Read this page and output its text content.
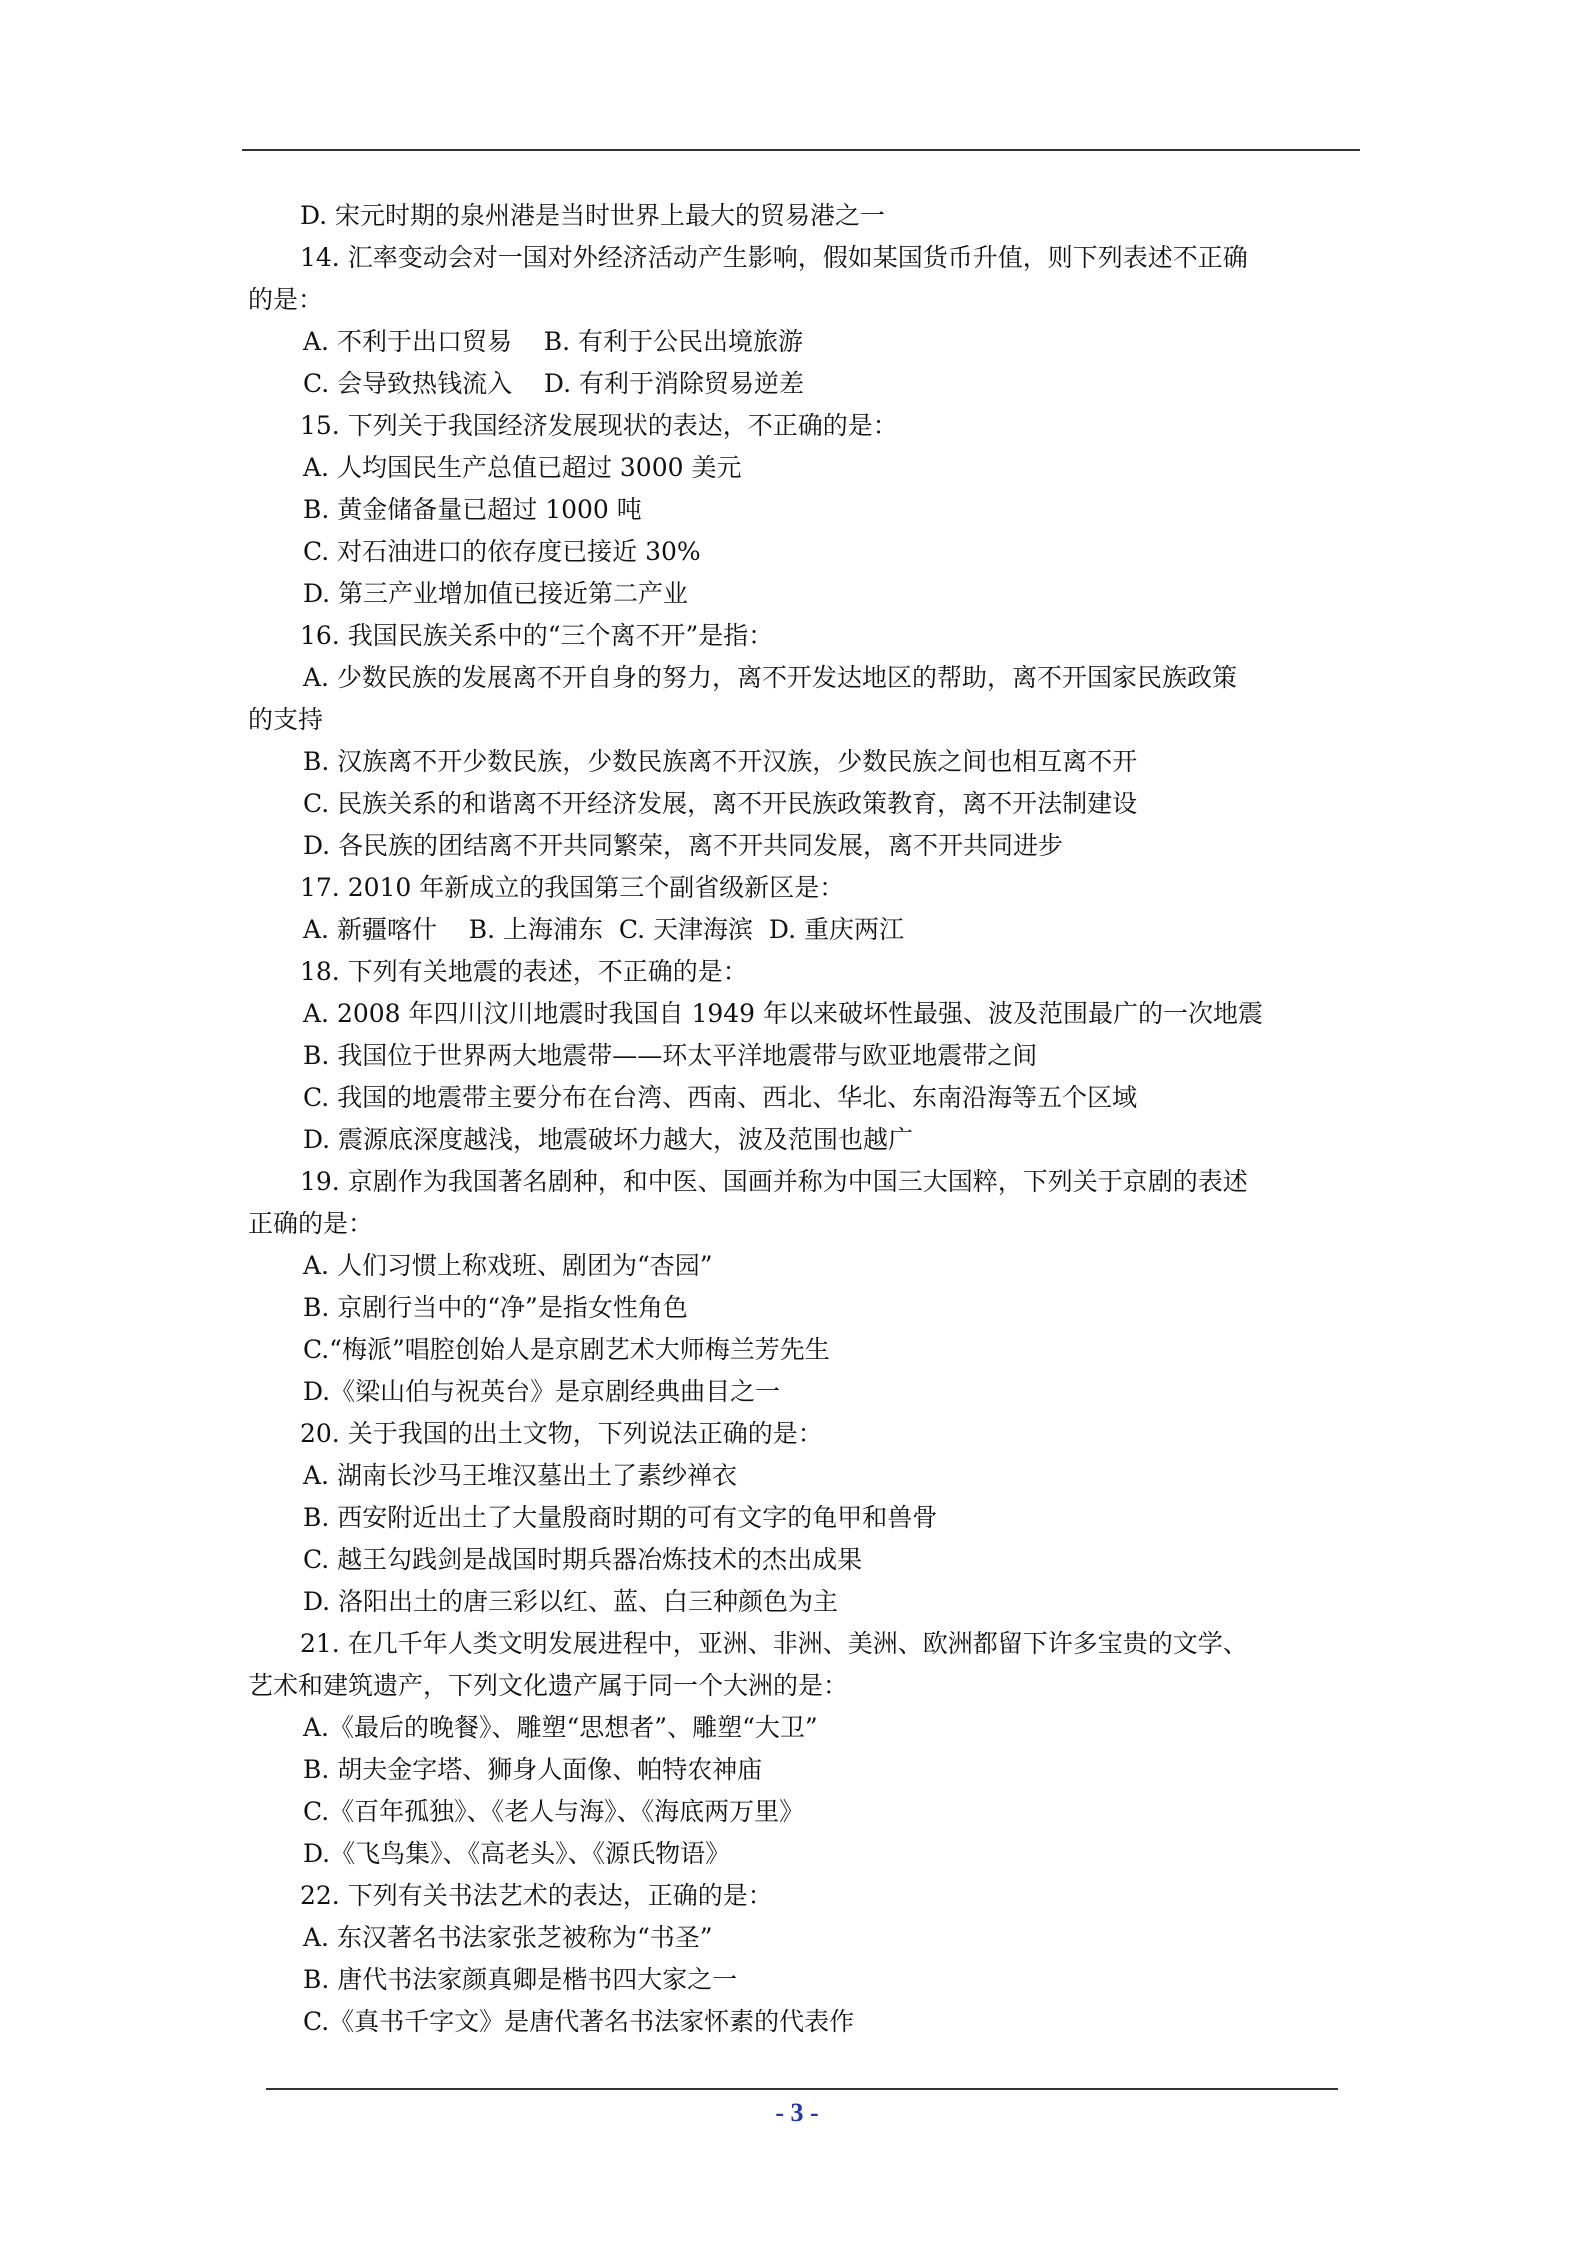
D. 宋元时期的泉州港是当时世界上最大的贸易港之一
14. 汇率变动会对一国对外经济活动产生影响，假如某国货币升值，则下列表述不正确
的是：
A. 不利于出口贸易    B. 有利于公民出境旅游
C. 会导致热钱流入    D. 有利于消除贸易逆差
15. 下列关于我国经济发展现状的表达，不正确的是：
A. 人均国民生产总值已超过 3000 美元
B. 黄金储备量已超过 1000 吨
C. 对石油进口的依存度已接近 30%
D. 第三产业增加值已接近第二产业
16. 我国民族关系中的“三个离不开”是指：
A. 少数民族的发展离不开自身的努力，离不开发达地区的帮助，离不开国家民族政策
的支持
B. 汉族离不开少数民族，少数民族离不开汉族，少数民族之间也相互离不开
C. 民族关系的和谐离不开经济发展，离不开民族政策教育，离不开法制建设
D. 各民族的团结离不开共同繁荣，离不开共同发展，离不开共同进步
17. 2010 年新成立的我国第三个副省级新区是：
A. 新疆喀什    B. 上海浦东  C. 天津海滨  D. 重庆两江
18. 下列有关地震的表述，不正确的是：
A. 2008 年四川汶川地震时我国自 1949 年以来破坏性最强、波及范围最广的一次地震
B. 我国位于世界两大地震带——环太平洋地震带与欧亚地震带之间
C. 我国的地震带主要分布在台湾、西南、西北、华北、东南沿海等五个区域
D. 震源底深度越浅，地震破坏力越大，波及范围也越广
19. 京剧作为我国著名剧种，和中医、国画并称为中国三大国粹，下列关于京剧的表述
正确的是：
A. 人们习惯上称戏班、剧团为“杏园”
B. 京剧行当中的“净”是指女性角色
C.“梅派”唱腔创始人是京剧艺术大师梅兰芳先生
D.《梁山伯与祝英台》是京剧经典曲目之一
20. 关于我国的出土文物，下列说法正确的是：
A. 湖南长沙马王堆汉墓出土了素纱禅衣
B. 西安附近出土了大量殷商时期的可有文字的龟甲和兽骨
C. 越王勾践剑是战国时期兵器冶炼技术的杰出成果
D. 洛阳出土的唐三彩以红、蓝、白三种颜色为主
21. 在几千年人类文明发展进程中，亚洲、非洲、美洲、欧洲都留下许多宝贵的文学、
艺术和建筑遗产，下列文化遗产属于同一个大洲的是：
A.《最后的晚餐》、雕塑“思想者”、雕塑“大卫”
B. 胡夫金字塔、狮身人面像、帕特农神庙
C.《百年孤独》、《老人与海》、《海底两万里》
D.《飞鸟集》、《高老头》、《源氏物语》
22. 下列有关书法艺术的表达，正确的是：
A. 东汉著名书法家张芝被称为“书圣”
B. 唐代书法家颜真卿是楷书四大家之一
C.《真书千字文》是唐代著名书法家怀素的代表作
- 3 -
